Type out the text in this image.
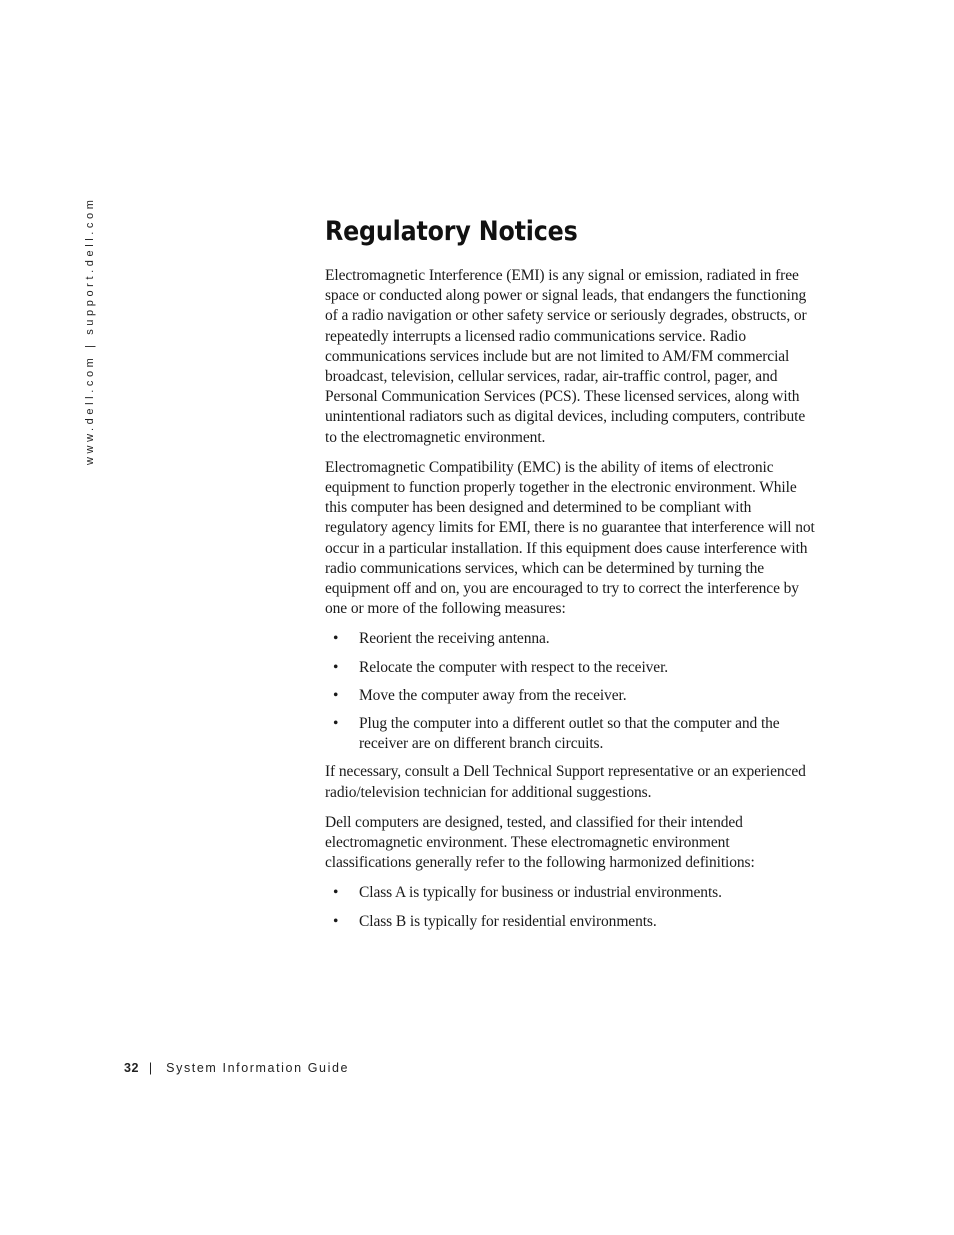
www.dell.com | support.dell.com	Regulatory Notices

Electromagnetic Interference (EMI) is any signal or emission, radiated in free space or conducted along power or signal leads, that endangers the functioning of a radio navigation or other safety service or seriously degrades, obstructs, or repeatedly interrupts a licensed radio communications service. Radio communications services include but are not limited to AM/FM commercial broadcast, television, cellular services, radar, air-traffic control, pager, and Personal Communication Services (PCS). These licensed services, along with unintentional radiators such as digital devices, including computers, contribute to the electromagnetic environment.

Electromagnetic Compatibility (EMC) is the ability of items of electronic equipment to function properly together in the electronic environment. While this computer has been designed and determined to be compliant with regulatory agency limits for EMI, there is no guarantee that interference will not occur in a particular installation. If this equipment does cause interference with radio communications services, which can be determined by turning the equipment off and on, you are encouraged to try to correct the interference by one or more of the following measures:

• Reorient the receiving antenna.
• Relocate the computer with respect to the receiver.
• Move the computer away from the receiver.
• Plug the computer into a different outlet so that the computer and the receiver are on different branch circuits.

If necessary, consult a Dell Technical Support representative or an experienced radio/television technician for additional suggestions.

Dell computers are designed, tested, and classified for their intended electromagnetic environment. These electromagnetic environment classifications generally refer to the following harmonized definitions:

• Class A is typically for business or industrial environments.
• Class B is typically for residential environments.
32 | System Information Guide
